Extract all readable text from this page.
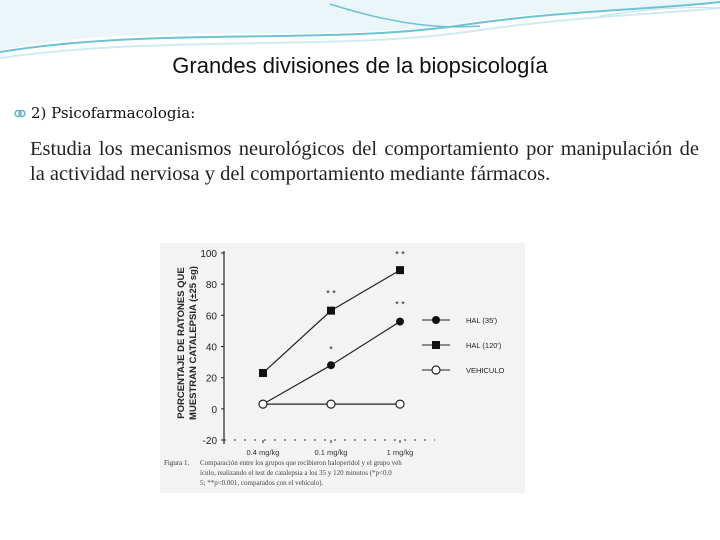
Grandes divisiones de la biopsicología
2) Psicofarmacologia:
Estudia los mecanismos neurológicos del comportamiento por manipulación de la actividad nerviosa y del comportamiento mediante fármacos.
100
80
60
40
20
0
-20
0.4 mg/kg	0.1 mg/kg	1 mg/kg
PORCENTAJE DE RATONES QUEMUESTRAN CATALEPSIA (±25 sg)
* *
* *
* *
*
HAL (35')
HAL (120')
VEHICULO
Figura 1. Comparación entre los grupos que recibieron haloperidol y el grupo veh
ículo, realizando el test de catalepsia a los 35 y 120 minutos (*p<0.0
5; **p<0.001, comparados con el vehículo).
